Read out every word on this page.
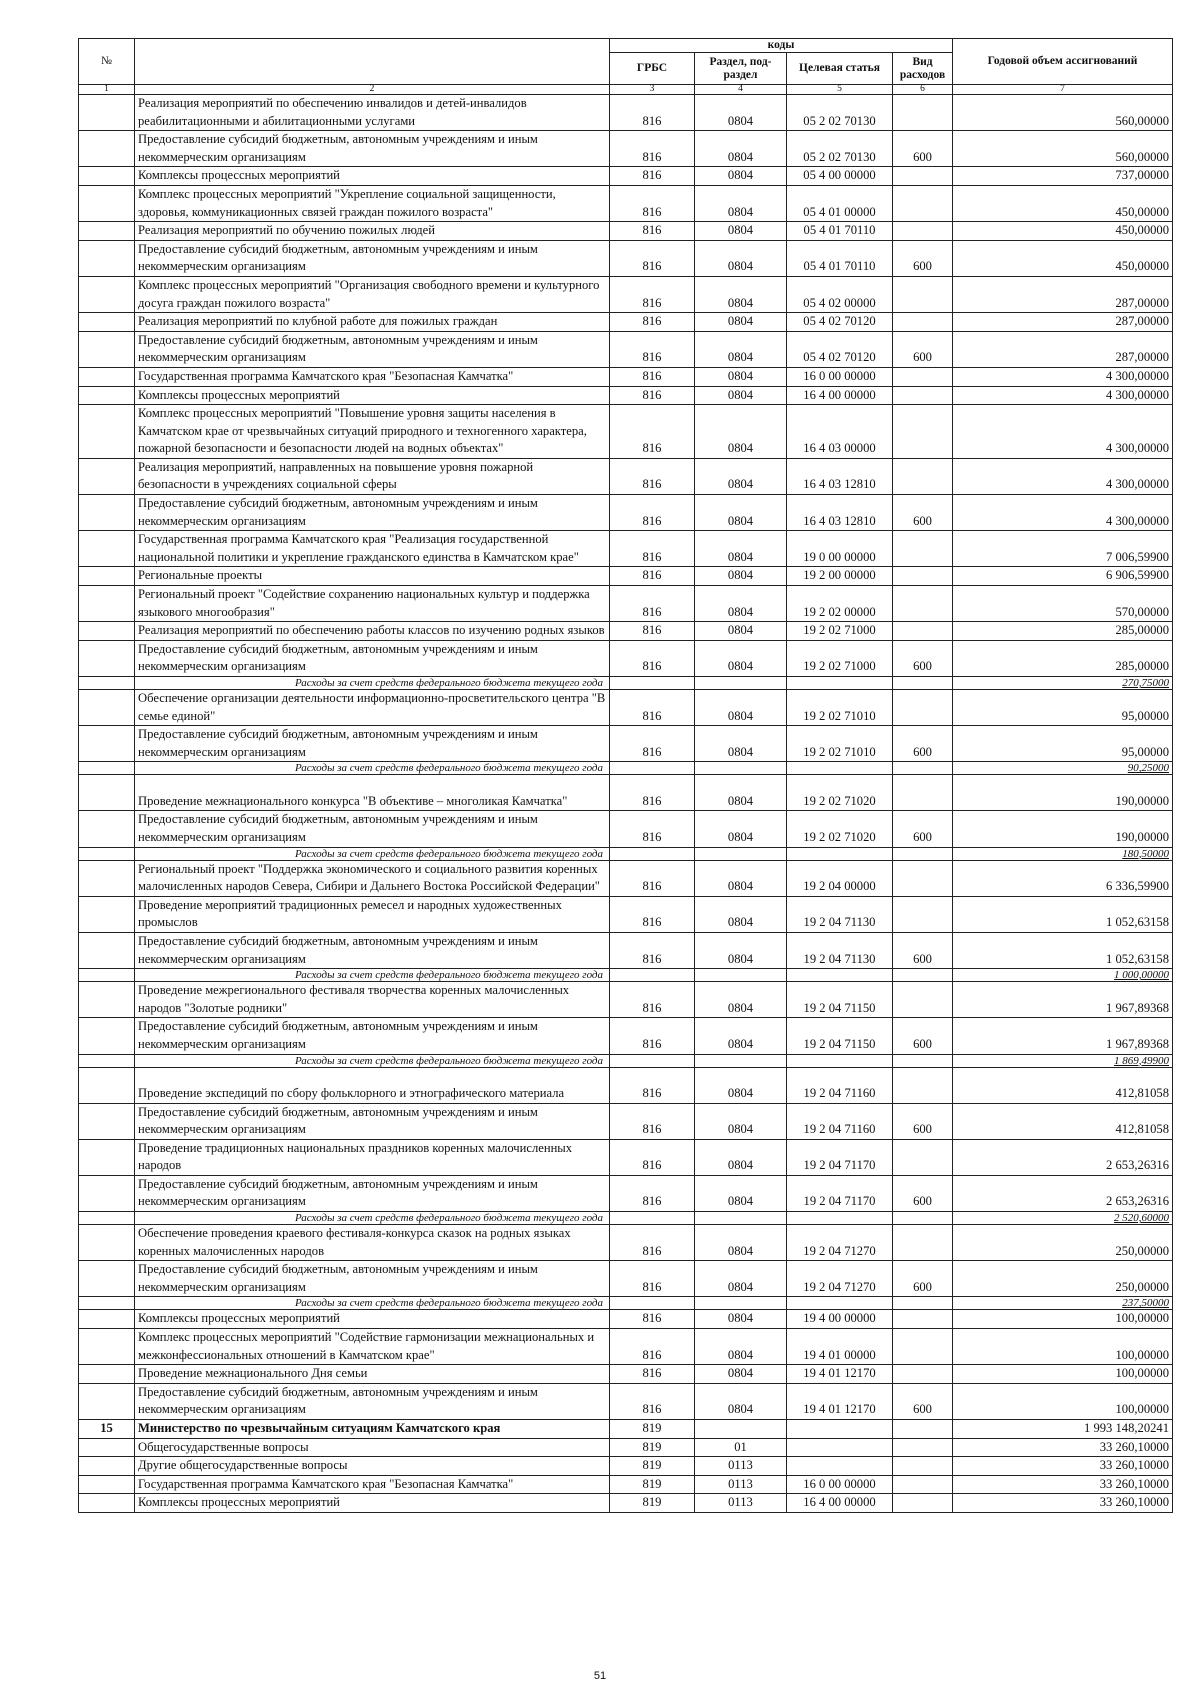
№		коды				Годовой объем ассигнований
		ГРБС	Раздел, под-раздел	Целевая статья	Вид расходов	
1	2	3	4	5	6	7
	Реализация мероприятий по обеспечению инвалидов и детей-инвалидов реабилитационными и абилитационными услугами	816	0804	05 2 02 70130		560,00000
	Предоставление субсидий бюджетным, автономным учреждениям и иным некоммерческим организациям	816	0804	05 2 02 70130	600	560,00000
	Комплексы процессных мероприятий	816	0804	05 4 00 00000		737,00000
	Комплекс процессных мероприятий "Укрепление социальной защищенности, здоровья, коммуникационных связей граждан пожилого возраста"	816	0804	05 4 01 00000		450,00000
	Реализация мероприятий по обучению пожилых людей	816	0804	05 4 01 70110		450,00000
	Предоставление субсидий бюджетным, автономным учреждениям и иным некоммерческим организациям	816	0804	05 4 01 70110	600	450,00000
	Комплекс процессных мероприятий "Организация свободного времени и культурного досуга граждан пожилого возраста"	816	0804	05 4 02 00000		287,00000
	Реализация мероприятий по клубной работе для пожилых граждан	816	0804	05 4 02 70120		287,00000
	Предоставление субсидий бюджетным, автономным учреждениям и иным некоммерческим организациям	816	0804	05 4 02 70120	600	287,00000
	Государственная программа Камчатского края "Безопасная Камчатка"	816	0804	16 0 00 00000		4 300,00000
	Комплексы процессных мероприятий	816	0804	16 4 00 00000		4 300,00000
	Комплекс процессных мероприятий "Повышение уровня защиты населения в Камчатском крае от чрезвычайных ситуаций природного и техногенного характера, пожарной безопасности и безопасности людей на водных объектах"	816	0804	16 4 03 00000		4 300,00000
	Реализация мероприятий, направленных на повышение уровня пожарной безопасности в учреждениях социальной сферы	816	0804	16 4 03 12810		4 300,00000
	Предоставление субсидий бюджетным, автономным учреждениям и иным некоммерческим организациям	816	0804	16 4 03 12810	600	4 300,00000
	Государственная программа Камчатского края "Реализация государственной национальной политики и укрепление гражданского единства в Камчатском крае"	816	0804	19 0 00 00000		7 006,59900
	Региональные проекты	816	0804	19 2 00 00000		6 906,59900
	Региональный проект "Содействие сохранению национальных культур и поддержка языкового многообразия"	816	0804	19 2 02 00000		570,00000
	Реализация мероприятий по обеспечению работы классов по изучению родных языков	816	0804	19 2 02 71000		285,00000
	Предоставление субсидий бюджетным, автономным учреждениям и иным некоммерческим организациям	816	0804	19 2 02 71000	600	285,00000
	Расходы за счет средств федерального бюджета текущего года					270,75000
	Обеспечение организации деятельности информационно-просветительского центра "В семье единой"	816	0804	19 2 02 71010		95,00000
	Предоставление субсидий бюджетным, автономным учреждениям и иным некоммерческим организациям	816	0804	19 2 02 71010	600	95,00000
	Расходы за счет средств федерального бюджета текущего года					90,25000
	Проведение межнационального конкурса "В объективе – многоликая Камчатка"	816	0804	19 2 02 71020		190,00000
	Предоставление субсидий бюджетным, автономным учреждениям и иным некоммерческим организациям	816	0804	19 2 02 71020	600	190,00000
	Расходы за счет средств федерального бюджета текущего года					180,50000
	Региональный проект "Поддержка экономического и социального развития коренных малочисленных народов Севера, Сибири и Дальнего Востока Российской Федерации"	816	0804	19 2 04 00000		6 336,59900
	Проведение мероприятий традиционных ремесел и народных художественных промыслов	816	0804	19 2 04 71130		1 052,63158
	Предоставление субсидий бюджетным, автономным учреждениям и иным некоммерческим организациям	816	0804	19 2 04 71130	600	1 052,63158
	Расходы за счет средств федерального бюджета текущего года					1 000,00000
	Проведение межрегионального фестиваля творчества коренных малочисленных народов "Золотые родники"	816	0804	19 2 04 71150		1 967,89368
	Предоставление субсидий бюджетным, автономным учреждениям и иным некоммерческим организациям	816	0804	19 2 04 71150	600	1 967,89368
	Расходы за счет средств федерального бюджета текущего года					1 869,49900
	Проведение экспедиций по сбору фольклорного и этнографического материала	816	0804	19 2 04 71160		412,81058
	Предоставление субсидий бюджетным, автономным учреждениям и иным некоммерческим организациям	816	0804	19 2 04 71160	600	412,81058
	Проведение традиционных национальных праздников коренных малочисленных народов	816	0804	19 2 04 71170		2 653,26316
	Предоставление субсидий бюджетным, автономным учреждениям и иным некоммерческим организациям	816	0804	19 2 04 71170	600	2 653,26316
	Расходы за счет средств федерального бюджета текущего года					2 520,60000
	Обеспечение проведения краевого фестиваля-конкурса сказок на родных языках коренных малочисленных народов	816	0804	19 2 04 71270		250,00000
	Предоставление субсидий бюджетным, автономным учреждениям и иным некоммерческим организациям	816	0804	19 2 04 71270	600	250,00000
	Расходы за счет средств федерального бюджета текущего года					237,50000
	Комплексы процессных мероприятий	816	0804	19 4 00 00000		100,00000
	Комплекс процессных мероприятий "Содействие гармонизации межнациональных и межконфессиональных отношений в Камчатском крае"	816	0804	19 4 01 00000		100,00000
	Проведение межнационального Дня семьи	816	0804	19 4 01 12170		100,00000
	Предоставление субсидий бюджетным, автономным учреждениям и иным некоммерческим организациям	816	0804	19 4 01 12170	600	100,00000
15	Министерство по чрезвычайным ситуациям Камчатского края	819				1 993 148,20241
	Общегосударственные вопросы	819	01			33 260,10000
	Другие общегосударственные вопросы	819	0113			33 260,10000
	Государственная программа Камчатского края "Безопасная Камчатка"	819	0113	16 0 00 00000		33 260,10000
	Комплексы процессных мероприятий	819	0113	16 4 00 00000		33 260,10000
51
